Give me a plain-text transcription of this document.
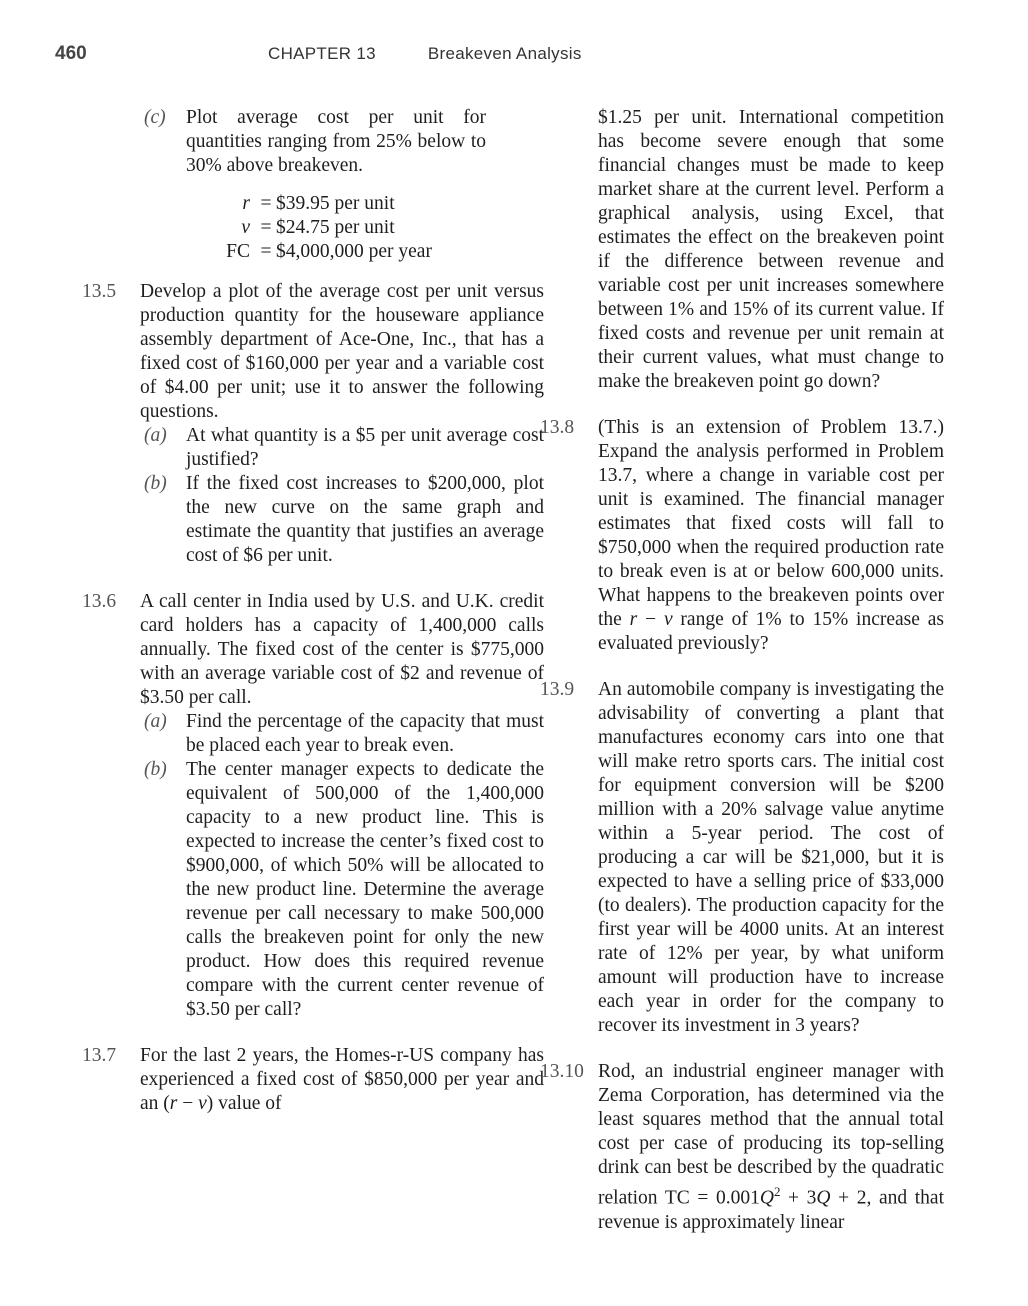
460	CHAPTER 13	Breakeven Analysis
(c) Plot average cost per unit for quantities ranging from 25% below to 30% above breakeven.
r = $39.95 per unit
v = $24.75 per unit
FC = $4,000,000 per year
13.5 Develop a plot of the average cost per unit versus production quantity for the houseware appliance assembly department of Ace-One, Inc., that has a fixed cost of $160,000 per year and a variable cost of $4.00 per unit; use it to answer the following questions.
(a) At what quantity is a $5 per unit average cost justified?
(b) If the fixed cost increases to $200,000, plot the new curve on the same graph and estimate the quantity that justifies an average cost of $6 per unit.
13.6 A call center in India used by U.S. and U.K. credit card holders has a capacity of 1,400,000 calls annually. The fixed cost of the center is $775,000 with an average variable cost of $2 and revenue of $3.50 per call.
(a) Find the percentage of the capacity that must be placed each year to break even.
(b) The center manager expects to dedicate the equivalent of 500,000 of the 1,400,000 capacity to a new product line. This is expected to increase the center’s fixed cost to $900,000, of which 50% will be allocated to the new product line. Determine the average revenue per call necessary to make 500,000 calls the breakeven point for only the new product. How does this required revenue compare with the current center revenue of $3.50 per call?
13.7 For the last 2 years, the Homes-r-US company has experienced a fixed cost of $850,000 per year and an (r − v) value of
$1.25 per unit. International competition has become severe enough that some financial changes must be made to keep market share at the current level. Perform a graphical analysis, using Excel, that estimates the effect on the breakeven point if the difference between revenue and variable cost per unit increases somewhere between 1% and 15% of its current value. If fixed costs and revenue per unit remain at their current values, what must change to make the breakeven point go down?
13.8 (This is an extension of Problem 13.7.) Expand the analysis performed in Problem 13.7, where a change in variable cost per unit is examined. The financial manager estimates that fixed costs will fall to $750,000 when the required production rate to break even is at or below 600,000 units. What happens to the breakeven points over the r − v range of 1% to 15% increase as evaluated previously?
13.9 An automobile company is investigating the advisability of converting a plant that manufactures economy cars into one that will make retro sports cars. The initial cost for equipment conversion will be $200 million with a 20% salvage value anytime within a 5-year period. The cost of producing a car will be $21,000, but it is expected to have a selling price of $33,000 (to dealers). The production capacity for the first year will be 4000 units. At an interest rate of 12% per year, by what uniform amount will production have to increase each year in order for the company to recover its investment in 3 years?
13.10 Rod, an industrial engineer manager with Zema Corporation, has determined via the least squares method that the annual total cost per case of producing its top-selling drink can best be described by the quadratic relation TC = $0.001Q^2 + 3Q + 2$, and that revenue is approximately linear
